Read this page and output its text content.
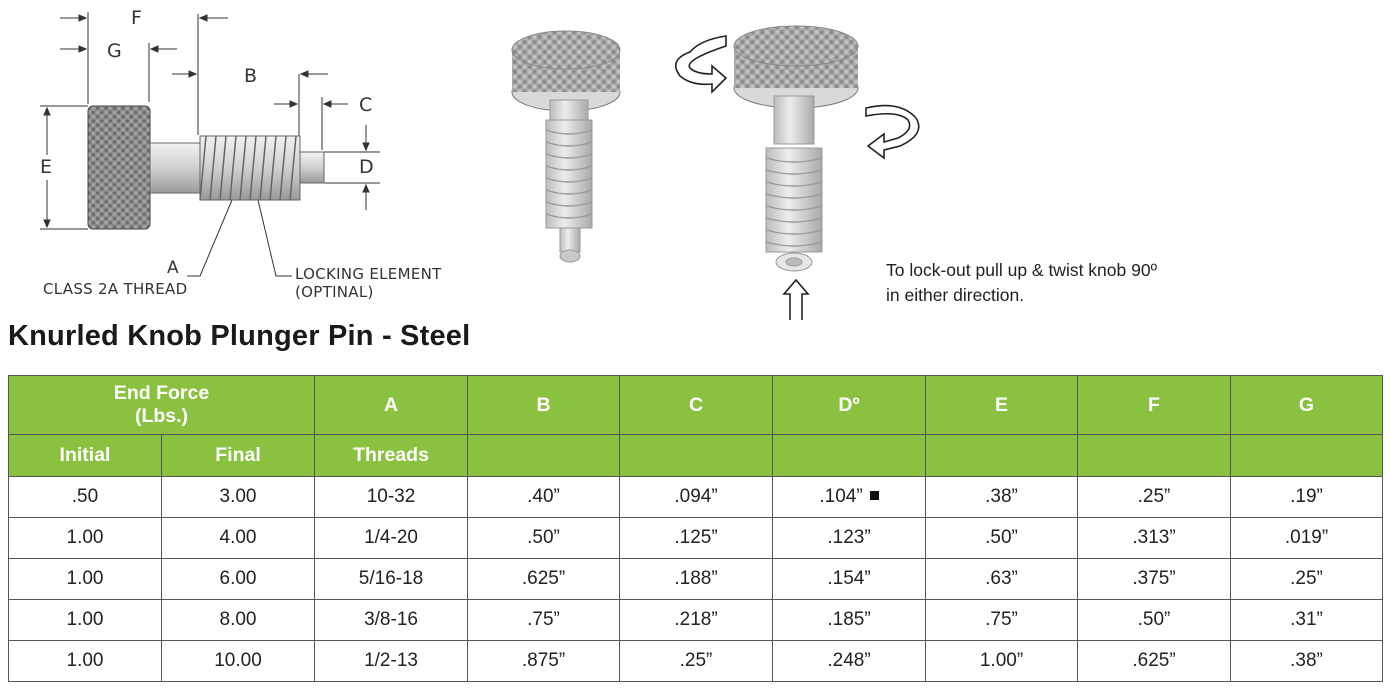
F
G
B
C
D
E
A
CLASS 2A THREAD
LOCKING ELEMENT
(OPTINAL)
To lock-out pull up & twist knob 90º
in either direction.
Knurled Knob Plunger Pin - Steel
End Force
(Lbs.)		A	B	C	Dº	E	F	G
Initial	Final	Threads						
.50	3.00	10-32	.40”	.094”	.104”	.38”	.25”	.19”
1.00	4.00	1/4-20	.50”	.125”	.123”	.50”	.313”	.019”
1.00	6.00	5/16-18	.625”	.188”	.154”	.63”	.375”	.25”
1.00	8.00	3/8-16	.75”	.218”	.185”	.75”	.50”	.31”
1.00	10.00	1/2-13	.875”	.25”	.248”	1.00”	.625”	.38”
